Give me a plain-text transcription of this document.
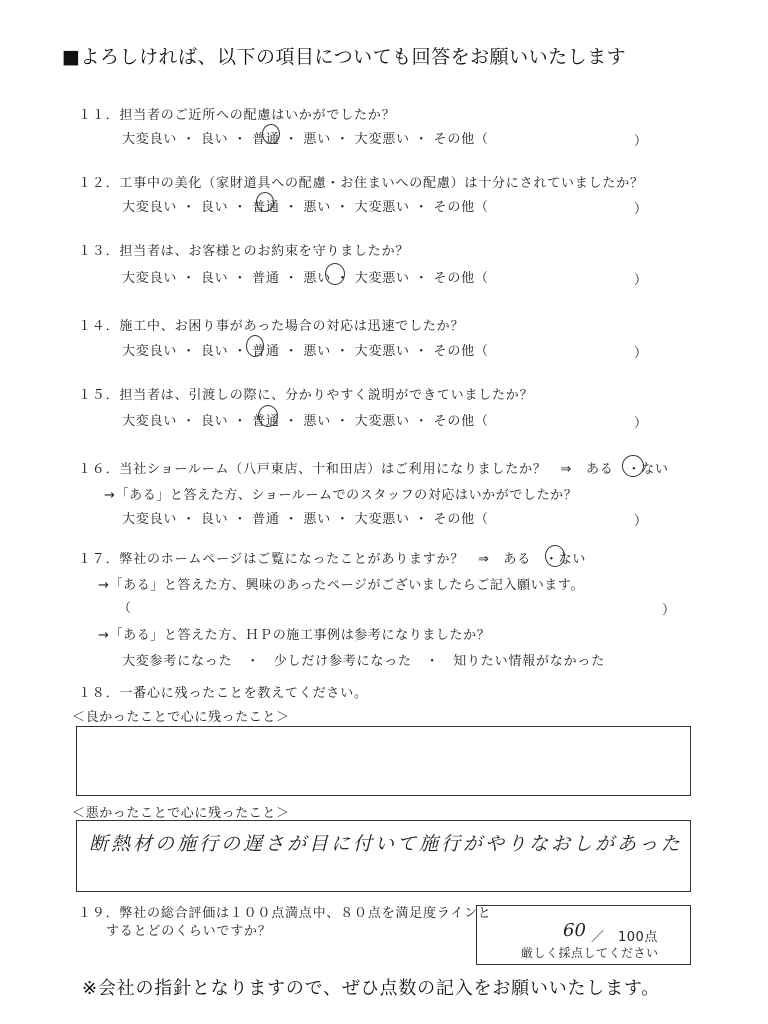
■よろしければ、以下の項目についても回答をお願いいたします
１１．担当者のご近所への配慮はいかがでしたか？
大変良い ・ 良い ・ 普通 ・ 悪い ・ 大変悪い ・ その他（	）
１２．工事中の美化（家財道具への配慮・お住まいへの配慮）は十分にされていましたか？
大変良い ・ 良い ・ 普通 ・ 悪い ・ 大変悪い ・ その他（	）
１３．担当者は、お客様とのお約束を守りましたか？
大変良い ・ 良い ・ 普通 ・ 悪い ・ 大変悪い ・ その他（	）
１４．施工中、お困り事があった場合の対応は迅速でしたか？
大変良い ・ 良い ・ 普通 ・ 悪い ・ 大変悪い ・ その他（	）
１５．担当者は、引渡しの際に、分かりやすく説明ができていましたか？
大変良い ・ 良い ・ 普通 ・ 悪い ・ 大変悪い ・ その他（	）
１６．当社ショールーム（八戸東店、十和田店）はご利用になりましたか？　⇒　ある　・ない
→「ある」と答えた方、ショールームでのスタッフの対応はいかがでしたか？
大変良い ・ 良い ・ 普通 ・ 悪い ・ 大変悪い ・ その他（	）
１７．弊社のホームページはご覧になったことがありますか？　⇒　ある　・ない
→「ある」と答えた方、興味のあったページがございましたらご記入願います。
（	）
→「ある」と答えた方、ＨＰの施工事例は参考になりましたか？
大変参考になった　・　少しだけ参考になった　・　知りたい情報がなかった
１８．一番心に残ったことを教えてください。
＜良かったことで心に残ったこと＞
＜悪かったことで心に残ったこと＞
断熱材の施行の遅さが目に付いて施行がやりなおしがあった
１９．弊社の総合評価は１００点満点中、８０点を満足度ラインと
するとどのくらいですか？	60 ／　100点
厳しく採点してください
※会社の指針となりますので、ぜひ点数の記入をお願いいたします。
